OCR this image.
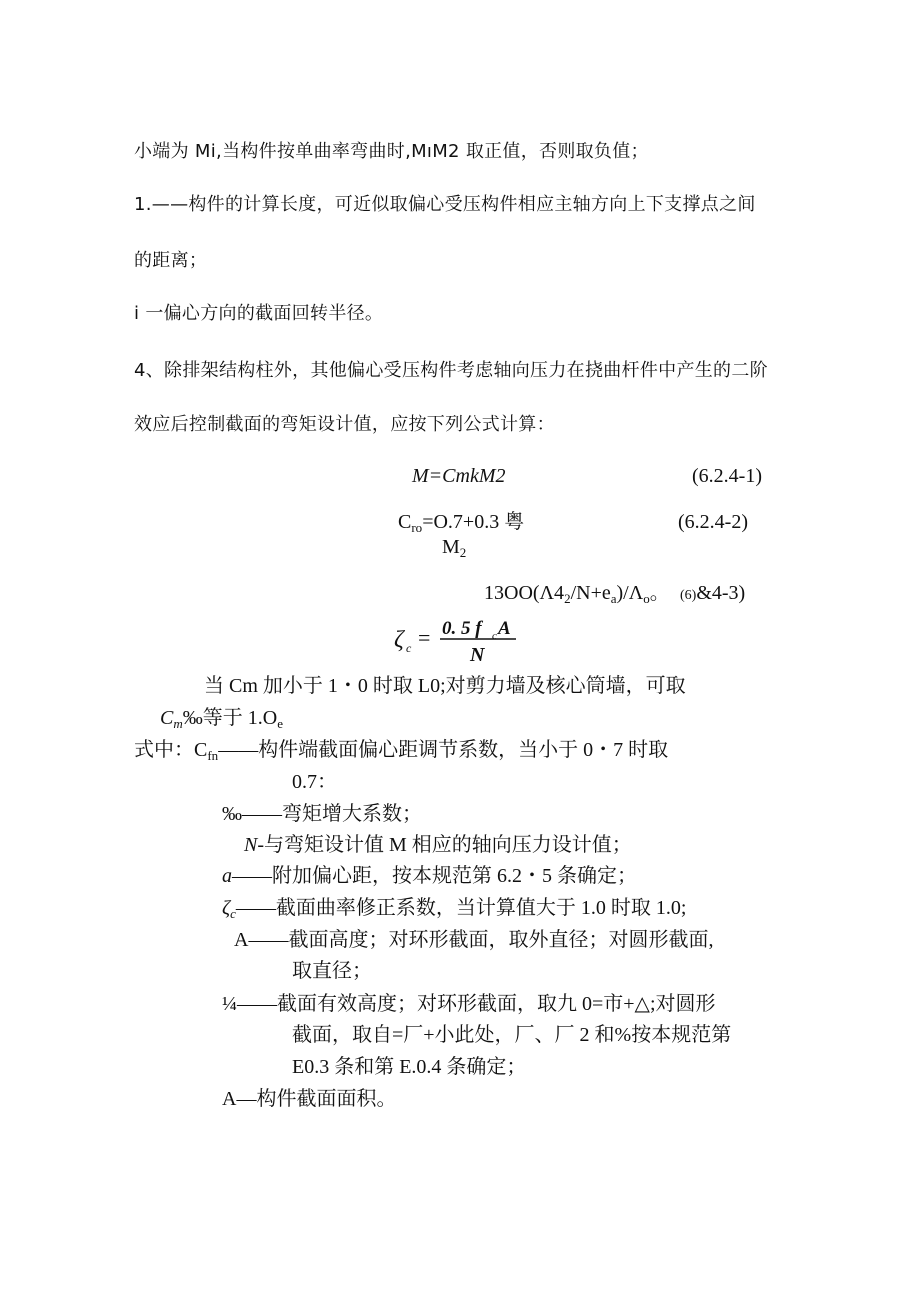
小端为 Mi,当构件按单曲率弯曲时,MıM2 取正值，否则取负值；
1.——构件的计算长度，可近似取偏心受压构件相应主轴方向上下支撑点之间
的距离；
i 一偏心方向的截面回转半径。
4、除排架结构柱外，其他偏心受压构件考虑轴向压力在挠曲杆件中产生的二阶
效应后控制截面的弯矩设计值，应按下列公式计算：
M=CmkM2	(6.2.4-1)
$C_{ro}=O.7+0.3$ 粤
$M_2$
(6.2.4-2)
$13OO(\Lambda 4_2/N+e_a)/\Lambda_o$。 (6)&4-3)
ζ c = 0. 5 f c A
N
当 Cm 加小于 1・0 时取 L0;对剪力墙及核心筒墙，可取
$C_m‰$等于 $1.O_e$
式中：$C_{fn}——$构件端截面偏心距调节系数，当小于 0・7 时取
0.7：
‰——弯矩增大系数；
N-与弯矩设计值 M 相应的轴向压力设计值；
a——附加偏心距，按本规范第 6.2・5 条确定；
$\zeta_c——$截面曲率修正系数，当计算值大于 1.0 时取 1.0;
A——截面高度；对环形截面，取外直径；对圆形截面,
取直径；
¼——截面有效高度；对环形截面，取九 0=市+△;对圆形
截面，取自=厂+小此处，厂、厂 2 和%按本规范第
E0.3 条和第 E.0.4 条确定；
A—构件截面面积。
